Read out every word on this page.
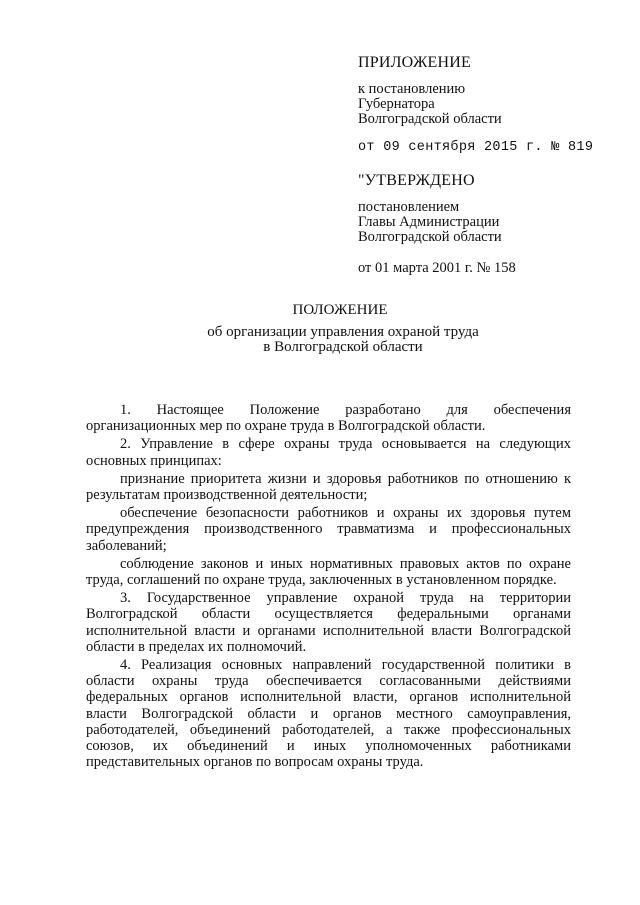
ПРИЛОЖЕНИЕ
к постановлению
Губернатора
Волгоградской области
от 09 сентября 2015 г. № 819
"УТВЕРЖДЕНО
постановлением
Главы Администрации
Волгоградской области
от 01 марта 2001 г. № 158
ПОЛОЖЕНИЕ
об организации управления охраной труда
в Волгоградской области

1. Настоящее Положение разработано для обеспечения организационных мер по охране труда в Волгоградской области.

2. Управление в сфере охраны труда основывается на следующих основных принципах:

признание приоритета жизни и здоровья работников по отношению к результатам производственной деятельности;

обеспечение безопасности работников и охраны их здоровья путем предупреждения производственного травматизма и профессиональных заболеваний;

соблюдение законов и иных нормативных правовых актов по охране труда, соглашений по охране труда, заключенных в установленном порядке.

3. Государственное управление охраной труда на территории Волгоградской области осуществляется федеральными органами исполнительной власти и органами исполнительной власти Волгоградской области в пределах их полномочий.

4. Реализация основных направлений государственной политики в области охраны труда обеспечивается согласованными действиями федеральных органов исполнительной власти, органов исполнительной власти Волгоградской области и органов местного самоуправления, работодателей, объединений работодателей, а также профессиональных союзов, их объединений и иных уполномоченных работниками представительных органов по вопросам охраны труда.
